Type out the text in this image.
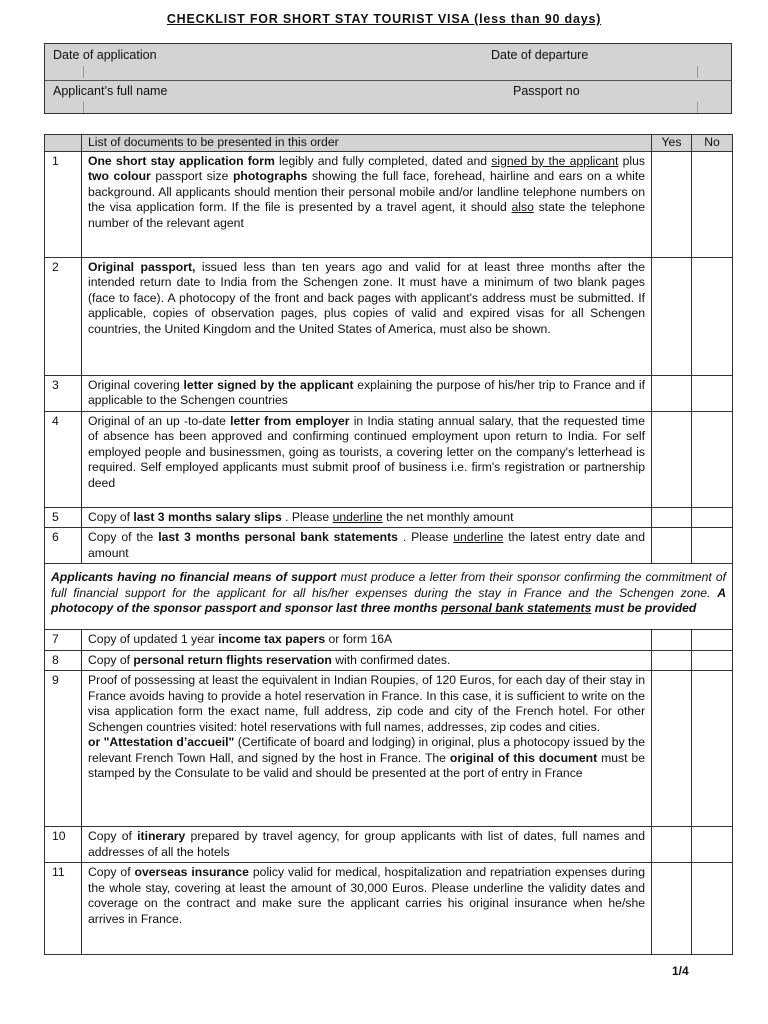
CHECKLIST FOR SHORT STAY TOURIST VISA (less than 90 days)
Date of application	Date of departure
Applicant’s full name	Passport no
	List of documents to be presented in this order	Yes	No
1	One short stay application form legibly and fully completed, dated and signed by the applicant plus two colour passport size photographs showing the full face, forehead, hairline and ears on a white background. All applicants should mention their personal mobile and/or landline telephone numbers on the visa application form. If the file is presented by a travel agent, it should also state the telephone number of the relevant agent		
2	Original passport, issued less than ten years ago and valid for at least three months after the intended return date to India from the Schengen zone. It must have a minimum of two blank pages (face to face). A photocopy of the front and back pages with applicant's address must be submitted. If applicable, copies of observation pages, plus copies of valid and expired visas for all Schengen countries, the United Kingdom and the United States of America, must also be shown.		
3	Original covering letter signed by the applicant explaining the purpose of his/her trip to France and if applicable to the Schengen countries		
4	Original of an up -to-date letter from employer in India stating annual salary, that the requested time of absence has been approved and confirming continued employment upon return to India. For self employed people and businessmen, going as tourists, a covering letter on the company's letterhead is required. Self employed applicants must submit proof of business i.e. firm's registration or partnership deed		
5	Copy of last 3 months salary slips . Please underline the net monthly amount		
6	Copy of the last 3 months personal bank statements . Please underline the latest entry date and amount		
Applicants having no financial means of support must produce a letter from their sponsor confirming the commitment of full financial support for the applicant for all his/her expenses during the stay in France and the Schengen zone. A photocopy of the sponsor passport and sponsor last three months personal bank statements must be provided			
7	Copy of updated 1 year income tax papers or form 16A		
8	Copy of personal return flights reservation with confirmed dates.		
9	Proof of possessing at least the equivalent in Indian Roupies, of 120 Euros, for each day of their stay in France avoids having to provide a hotel reservation in France. In this case, it is sufficient to write on the visa application form the exact name, full address, zip code and city of the French hotel. For other Schengen countries visited: hotel reservations with full names, addresses, zip codes and cities.
or "Attestation d’accueil" (Certificate of board and lodging) in original, plus a photocopy issued by the relevant French Town Hall, and signed by the host in France. The original of this document must be stamped by the Consulate to be valid and should be presented at the port of entry in France		
10	Copy of itinerary prepared by travel agency, for group applicants with list of dates, full names and addresses of all the hotels		
11	Copy of overseas insurance policy valid for medical, hospitalization and repatriation expenses during the whole stay, covering at least the amount of 30,000 Euros. Please underline the validity dates and coverage on the contract and make sure the applicant carries his original insurance when he/she arrives in France.		
1/4
